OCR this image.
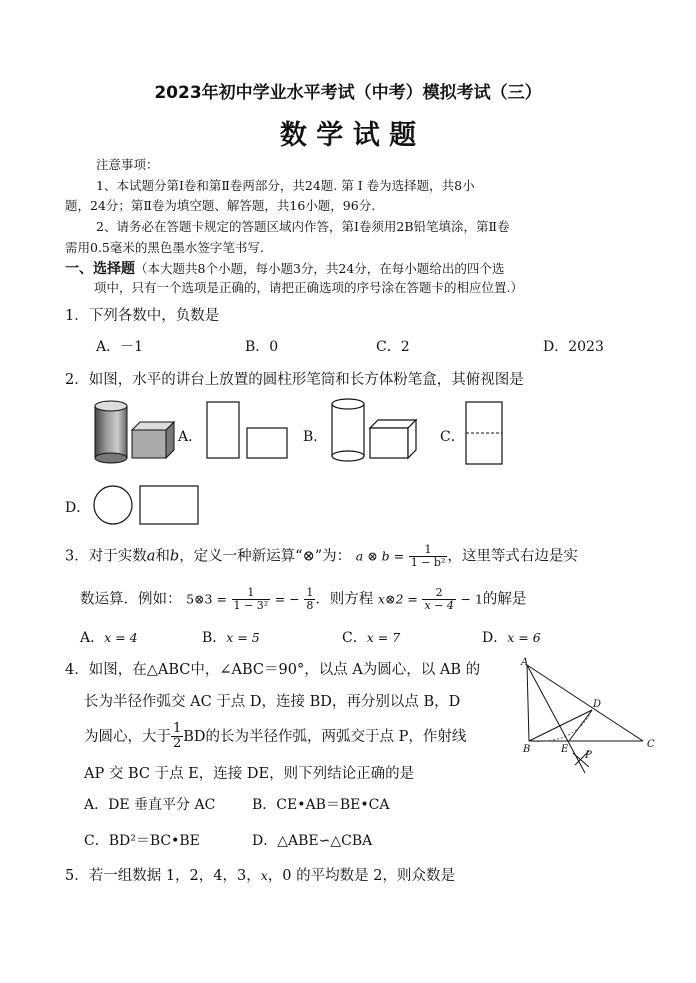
2023年初中学业水平考试（中考）模拟考试（三）
数 学 试 题
注意事项：
1、本试题分第Ⅰ卷和第Ⅱ卷两部分，共24题. 第 Ⅰ 卷为选择题，共8小
题，24分；第Ⅱ卷为填空题、解答题，共16小题，96分.
2、请务必在答题卡规定的答题区域内作答，第Ⅰ卷须用2B铅笔填涂，第Ⅱ卷
需用0.5毫米的黑色墨水签字笔书写.
一、选择题（本大题共8个小题，每小题3分，共24分，在每小题给出的四个选
项中，只有一个选项是正确的，请把正确选项的序号涂在答题卡的相应位置.）
1．下列各数中，负数是
A．－1	B．0	C．2	D．2023
2．如图，水平的讲台上放置的圆柱形笔筒和长方体粉笔盒，其俯视图是
A．	B．	C．
D．
3．对于实数a和b，定义一种新运算“⊗”为： a ⊗ $b = \frac{1}{\text{1 − b²}}$ ，这里等式右边是实
数运算．例如： 5⊗3 = $\frac{1}{\text{1 − 3²}}$ = − $\frac{1}{8}$ ．则方程 x⊗2 = $\frac{2}{x - 4} - 1$的解是
A．x = 4	B．x = 5	C．x = 7	D．x = 6
4．如图，在△ABC中，∠ABC＝90°，以点 A为圆心，以 AB 的
长为半径作弧交 AC 于点 D，连接 BD，再分别以点 B，D
为圆心，大于 $\frac{1}{2}$ BD的长为半径作弧，两弧交于点 P，作射线
AP 交 BC 于点 E，连接 DE，则下列结论正确的是
A．DE 垂直平分 AC	B．CE•AB＝BE•CA
C．BD²＝BC•BE	D．△ABE∽△CBA
A
B	C
D
E
P
5．若一组数据 1，2，4，3，x，0 的平均数是 2，则众数是
